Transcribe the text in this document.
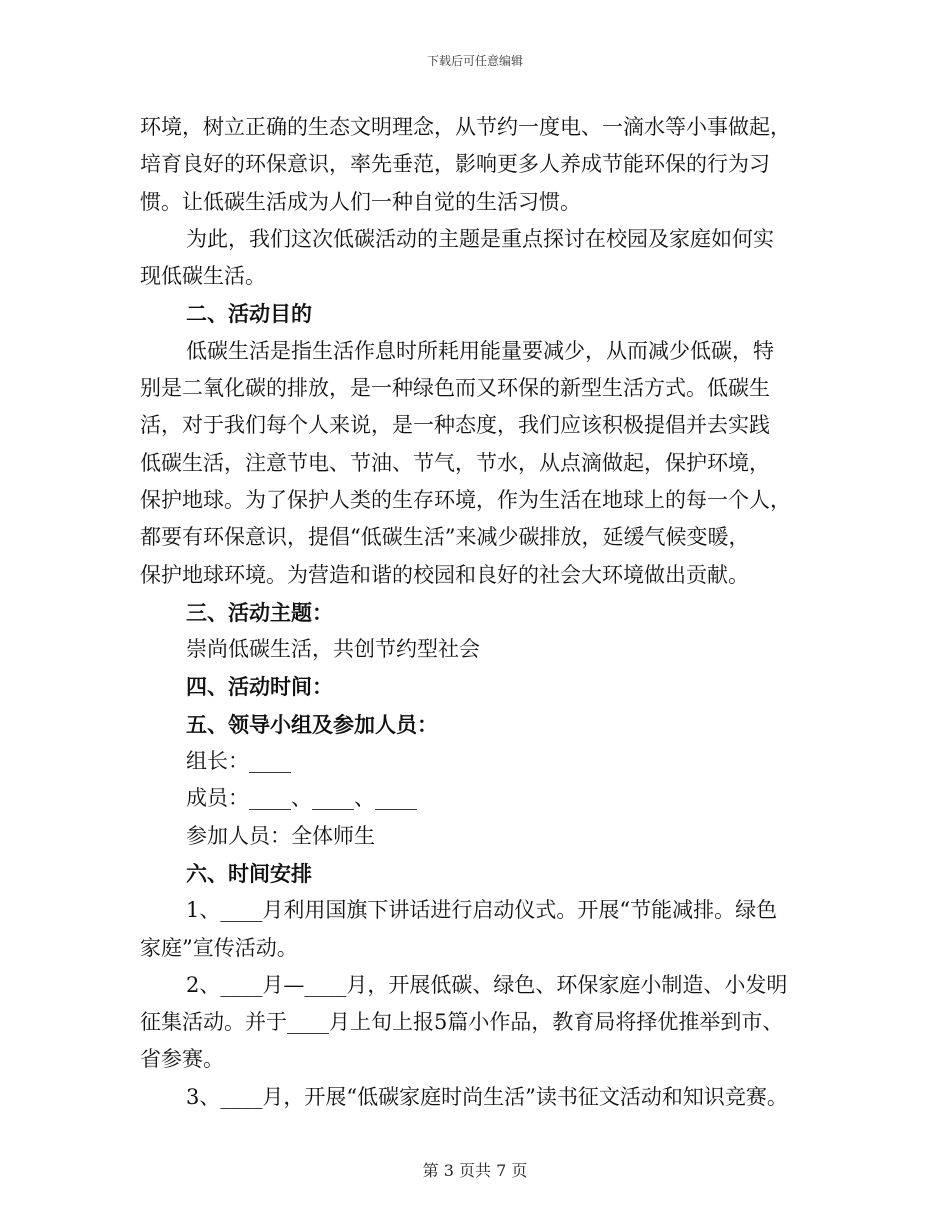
下载后可任意编辑
环境，树立正确的生态文明理念，从节约一度电、一滴水等小事做起，
培育良好的环保意识，率先垂范，影响更多人养成节能环保的行为习
惯。让低碳生活成为人们一种自觉的生活习惯。
为此，我们这次低碳活动的主题是重点探讨在校园及家庭如何实
现低碳生活。
二、活动目的
低碳生活是指生活作息时所耗用能量要减少，从而减少低碳，特
别是二氧化碳的排放，是一种绿色而又环保的新型生活方式。低碳生
活，对于我们每个人来说，是一种态度，我们应该积极提倡并去实践
低碳生活，注意节电、节油、节气，节水，从点滴做起，保护环境，
保护地球。为了保护人类的生存环境，作为生活在地球上的每一个人，
都要有环保意识，提倡“低碳生活”来减少碳排放，延缓气候变暖，
保护地球环境。为营造和谐的校园和良好的社会大环境做出贡献。
三、活动主题：
崇尚低碳生活，共创节约型社会
四、活动时间：
五、领导小组及参加人员：
组长：____
成员：____、____、____
参加人员：全体师生
六、时间安排
1、____月利用国旗下讲话进行启动仪式。开展“节能减排。绿色
家庭”宣传活动。
2、____月—____月，开展低碳、绿色、环保家庭小制造、小发明
征集活动。并于____月上旬上报5篇小作品，教育局将择优推举到市、
省参赛。
3、____月，开展“低碳家庭时尚生活”读书征文活动和知识竞赛。
第 3 页共 7 页
